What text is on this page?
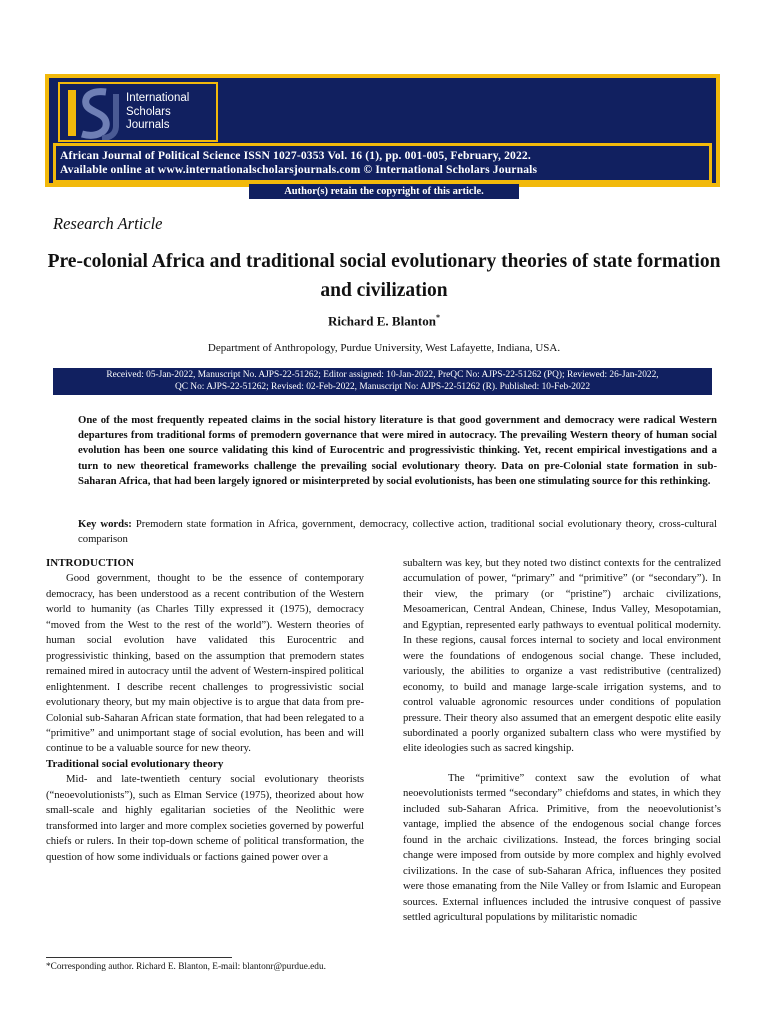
ISJ
International
Scholars
Journals
African Journal of Political Science ISSN 1027-0353 Vol. 16 (1), pp. 001-005, February, 2022.
Available online at www.internationalscholarsjournals.com © International Scholars Journals
Author(s) retain the copyright of this article.
Research Article
Pre-colonial Africa and traditional social evolutionary theories of state formation and civilization
Richard E. Blanton*
Department of Anthropology, Purdue University, West Lafayette, Indiana, USA.
Received: 05-Jan-2022, Manuscript No. AJPS-22-51262; Editor assigned: 10-Jan-2022, PreQC No: AJPS-22-51262 (PQ); Reviewed: 26-Jan-2022,
QC No: AJPS-22-51262; Revised: 02-Feb-2022, Manuscript No: AJPS-22-51262 (R). Published: 10-Feb-2022
One of the most frequently repeated claims in the social history literature is that good government and democracy were radical Western departures from traditional forms of premodern governance that were mired in autocracy. The prevailing Western theory of human social evolution has been one source validating this kind of Eurocentric and progressivistic thinking. Yet, recent empirical investigations and a turn to new theoretical frameworks challenge the prevailing social evolutionary theory. Data on pre-Colonial state formation in sub-Saharan Africa, that had been largely ignored or misinterpreted by social evolutionists, has been one stimulating source for this rethinking.
Key words: Premodern state formation in Africa, government, democracy, collective action, traditional social evolutionary theory, cross-cultural comparison

INTRODUCTION

Good government, thought to be the essence of contemporary democracy, has been understood as a recent contribution of the Western world to humanity (as Charles Tilly expressed it (1975), democracy “moved from the West to the rest of the world”). Western theories of human social evolution have validated this Eurocentric and progressivistic thinking, based on the assumption that premodern states remained mired in autocracy until the advent of Western-inspired political enlightenment. I describe recent challenges to progressivistic social evolutionary theory, but my main objective is to argue that data from pre-Colonial sub-Saharan African state formation, that had been relegated to a “primitive” and unimportant stage of social evolution, has been and will continue to be a valuable source for new theory.

Traditional social evolutionary theory

Mid- and late-twentieth century social evolutionary theorists (“neoevolutionists”), such as Elman Service (1975), theorized about how small-scale and highly egalitarian societies of the Neolithic were transformed into larger and more complex societies governed by powerful chiefs or rulers. In their top-down scheme of political transformation, the question of how some individuals or factions gained power over a

subaltern was key, but they noted two distinct contexts for the centralized accumulation of power, “primary” and “primitive” (or “secondary”). In their view, the primary (or “pristine”) archaic civilizations, Mesoamerican, Central Andean, Chinese, Indus Valley, Mesopotamian, and Egyptian, represented early pathways to eventual political modernity. In these regions, causal forces internal to society and local environment were the foundations of endogenous social change. These included, variously, the abilities to organize a vast redistributive (centralized) economy, to build and manage large-scale irrigation systems, and to control valuable agronomic resources under conditions of population pressure. Their theory also assumed that an emergent despotic elite easily subordinated a poorly organized subaltern class who were mystified by elite ideologies such as sacred kingship.

The “primitive” context saw the evolution of what neoevolutionists termed “secondary” chiefdoms and states, in which they included sub-Saharan Africa. Primitive, from the neoevolutionist’s vantage, implied the absence of the endogenous social change forces found in the archaic civilizations. Instead, the forces bringing social change were imposed from outside by more complex and highly evolved civilizations. In the case of sub-Saharan Africa, influences they posited were those emanating from the Nile Valley or from Islamic and European sources. External influences included the intrusive conquest of passive settled agricultural populations by militaristic nomadic

*Corresponding author. Richard E. Blanton, E-mail: blantonr@purdue.edu.
